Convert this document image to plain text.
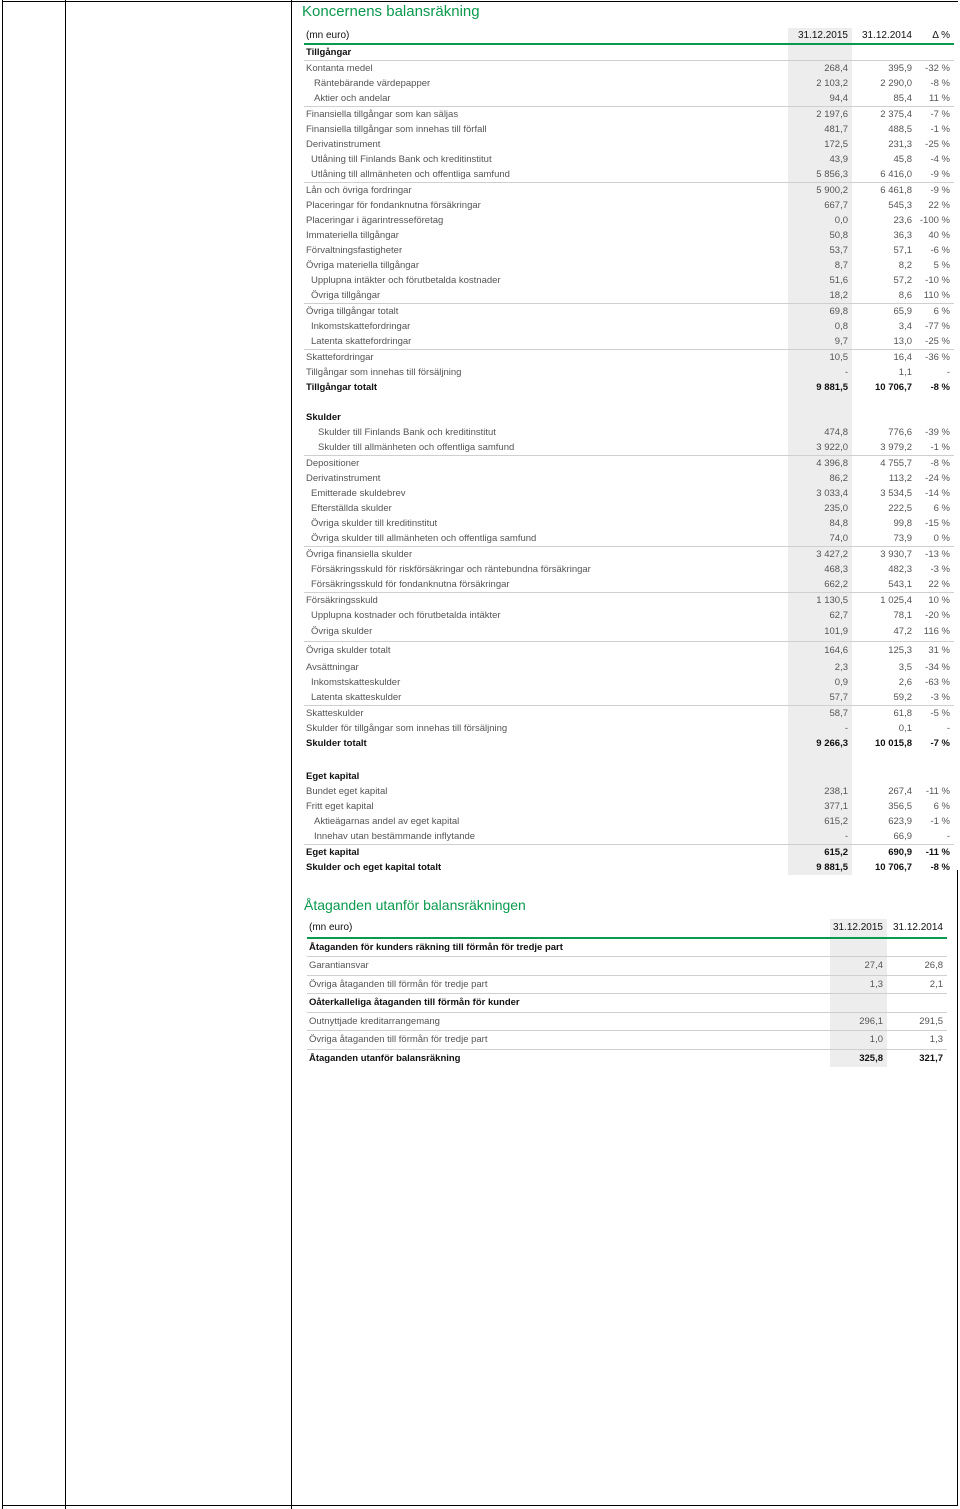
Koncernens balansräkning
(mn euro)	31.12.2015	31.12.2014	Δ %
Tillgångar			
Kontanta medel	268,4	395,9	-32 %
Räntebärande värdepapper	2 103,2	2 290,0	-8 %
Aktier och andelar	94,4	85,4	11 %
Finansiella tillgångar som kan säljas	2 197,6	2 375,4	-7 %
Finansiella tillgångar som innehas till förfall	481,7	488,5	-1 %
Derivatinstrument	172,5	231,3	-25 %
Utlåning till Finlands Bank och kreditinstitut	43,9	45,8	-4 %
Utlåning till allmänheten och offentliga samfund	5 856,3	6 416,0	-9 %
Lån och övriga fordringar	5 900,2	6 461,8	-9 %
Placeringar för fondanknutna försäkringar	667,7	545,3	22 %
Placeringar i ägarintresseföretag	0,0	23,6	-100 %
Immateriella tillgångar	50,8	36,3	40 %
Förvaltningsfastigheter	53,7	57,1	-6 %
Övriga materiella tillgångar	8,7	8,2	5 %
Upplupna intäkter och förutbetalda kostnader	51,6	57,2	-10 %
Övriga tillgångar	18,2	8,6	110 %
Övriga tillgångar totalt	69,8	65,9	6 %
Inkomstskattefordringar	0,8	3,4	-77 %
Latenta skattefordringar	9,7	13,0	-25 %
Skattefordringar	10,5	16,4	-36 %
Tillgångar som innehas till försäljning	-	1,1	-
Tillgångar totalt	9 881,5	10 706,7	-8 %

Skulder			
Skulder till Finlands Bank och kreditinstitut	474,8	776,6	-39 %
Skulder till allmänheten och offentliga samfund	3 922,0	3 979,2	-1 %
Depositioner	4 396,8	4 755,7	-8 %
Derivatinstrument	86,2	113,2	-24 %
Emitterade skuldebrev	3 033,4	3 534,5	-14 %
Efterställda skulder	235,0	222,5	6 %
Övriga skulder till kreditinstitut	84,8	99,8	-15 %
Övriga skulder till allmänheten och offentliga samfund	74,0	73,9	0 %
Övriga finansiella skulder	3 427,2	3 930,7	-13 %
Försäkringsskuld för riskförsäkringar och räntebundna försäkringar	468,3	482,3	-3 %
Försäkringsskuld för fondanknutna försäkringar	662,2	543,1	22 %
Försäkringsskuld	1 130,5	1 025,4	10 %
Upplupna kostnader och förutbetalda intäkter	62,7	78,1	-20 %
Övriga skulder	101,9	47,2	116 %
Övriga skulder totalt	164,6	125,3	31 %
Avsättningar	2,3	3,5	-34 %
Inkomstskatteskulder	0,9	2,6	-63 %
Latenta skatteskulder	57,7	59,2	-3 %
Skatteskulder	58,7	61,8	-5 %
Skulder för tillgångar som innehas till försäljning	-	0,1	-
Skulder totalt	9 266,3	10 015,8	-7 %

Eget kapital			
Bundet eget kapital	238,1	267,4	-11 %
Fritt eget kapital	377,1	356,5	6 %
Aktieägarnas andel av eget kapital	615,2	623,9	-1 %
Innehav utan bestämmande inflytande	-	66,9	-
Eget kapital	615,2	690,9	-11 %
Skulder och eget kapital totalt	9 881,5	10 706,7	-8 %
Åtaganden utanför balansräkningen
(mn euro)	31.12.2015	31.12.2014
Åtaganden för kunders räkning till förmån för tredje part		
Garantiansvar	27,4	26,8
Övriga åtaganden till förmån för tredje part	1,3	2,1
Oåterkalleliga åtaganden till förmån för kunder		
Outnyttjade kreditarrangemang	296,1	291,5
Övriga åtaganden till förmån för tredje part	1,0	1,3
Åtaganden utanför balansräkning	325,8	321,7
